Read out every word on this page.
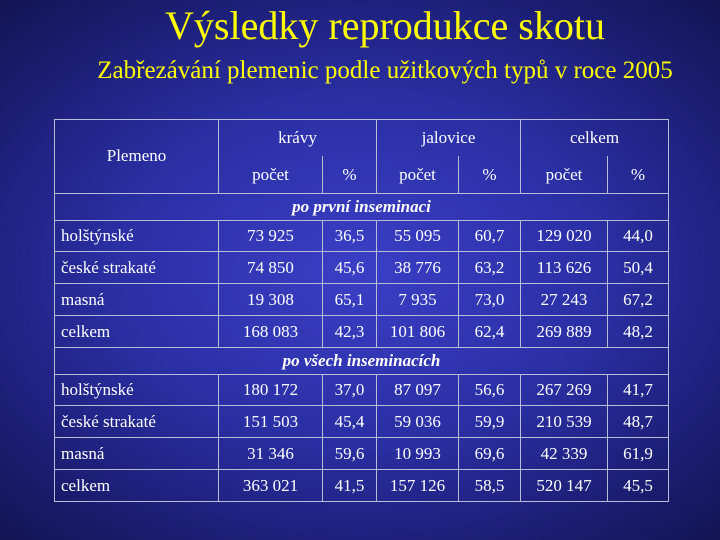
Výsledky reprodukce skotu
Zabřezávání plemenic podle užitkových typů v roce 2005
Plemeno	krávy		jalovice		celkem	
	počet	%	počet	%	počet	%
po první inseminaci						
holštýnské	73 925	36,5	55 095	60,7	129 020	44,0
české strakaté	74 850	45,6	38 776	63,2	113 626	50,4
masná	19 308	65,1	7 935	73,0	27 243	67,2
celkem	168 083	42,3	101 806	62,4	269 889	48,2
po všech inseminacích						
holštýnské	180 172	37,0	87 097	56,6	267 269	41,7
české strakaté	151 503	45,4	59 036	59,9	210 539	48,7
masná	31 346	59,6	10 993	69,6	42 339	61,9
celkem	363 021	41,5	157 126	58,5	520 147	45,5
